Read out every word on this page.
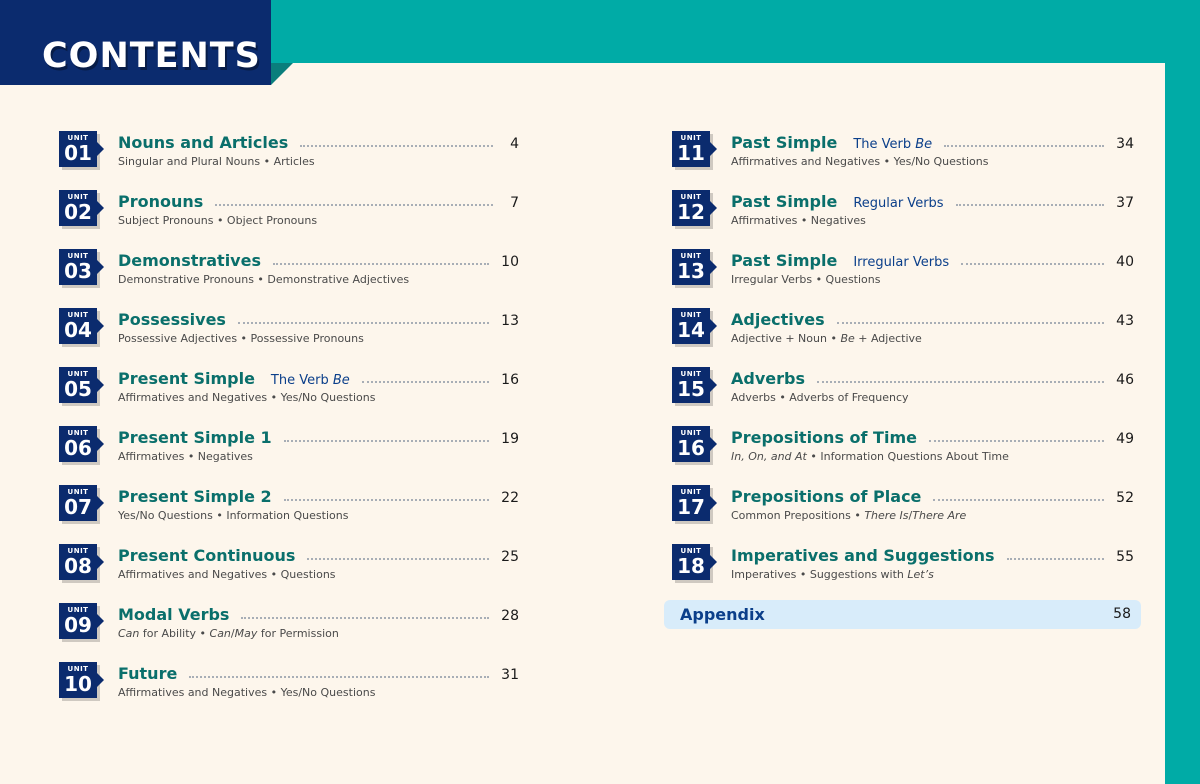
CONTENTS
UNIT
01	Nouns and Articles	4
Singular and Plural Nouns • Articles
UNIT
02	Pronouns	7
Subject Pronouns • Object Pronouns
UNIT
03	Demonstratives	10
Demonstrative Pronouns • Demonstrative Adjectives
UNIT
04	Possessives	13
Possessive Adjectives • Possessive Pronouns
UNIT
05	Present Simple The Verb Be	16
Affirmatives and Negatives • Yes/No Questions
UNIT
06	Present Simple 1	19
Affirmatives • Negatives
UNIT
07	Present Simple 2	22
Yes/No Questions • Information Questions
UNIT
08	Present Continuous	25
Affirmatives and Negatives • Questions
UNIT
09	Modal Verbs	28
Can for Ability • Can/May for Permission
UNIT
10	Future	31
Affirmatives and Negatives • Yes/No Questions
UNIT
11	Past Simple The Verb Be	34
Affirmatives and Negatives • Yes/No Questions
UNIT
12	Past Simple Regular Verbs	37
Affirmatives • Negatives
UNIT
13	Past Simple Irregular Verbs	40
Irregular Verbs • Questions
UNIT
14	Adjectives	43
Adjective + Noun • Be + Adjective
UNIT
15	Adverbs	46
Adverbs • Adverbs of Frequency
UNIT
16	Prepositions of Time	49
In, On, and At • Information Questions About Time
UNIT
17	Prepositions of Place	52
Common Prepositions • There Is/There Are
UNIT
18	Imperatives and Suggestions	55
Imperatives • Suggestions with Let’s
Appendix	58
